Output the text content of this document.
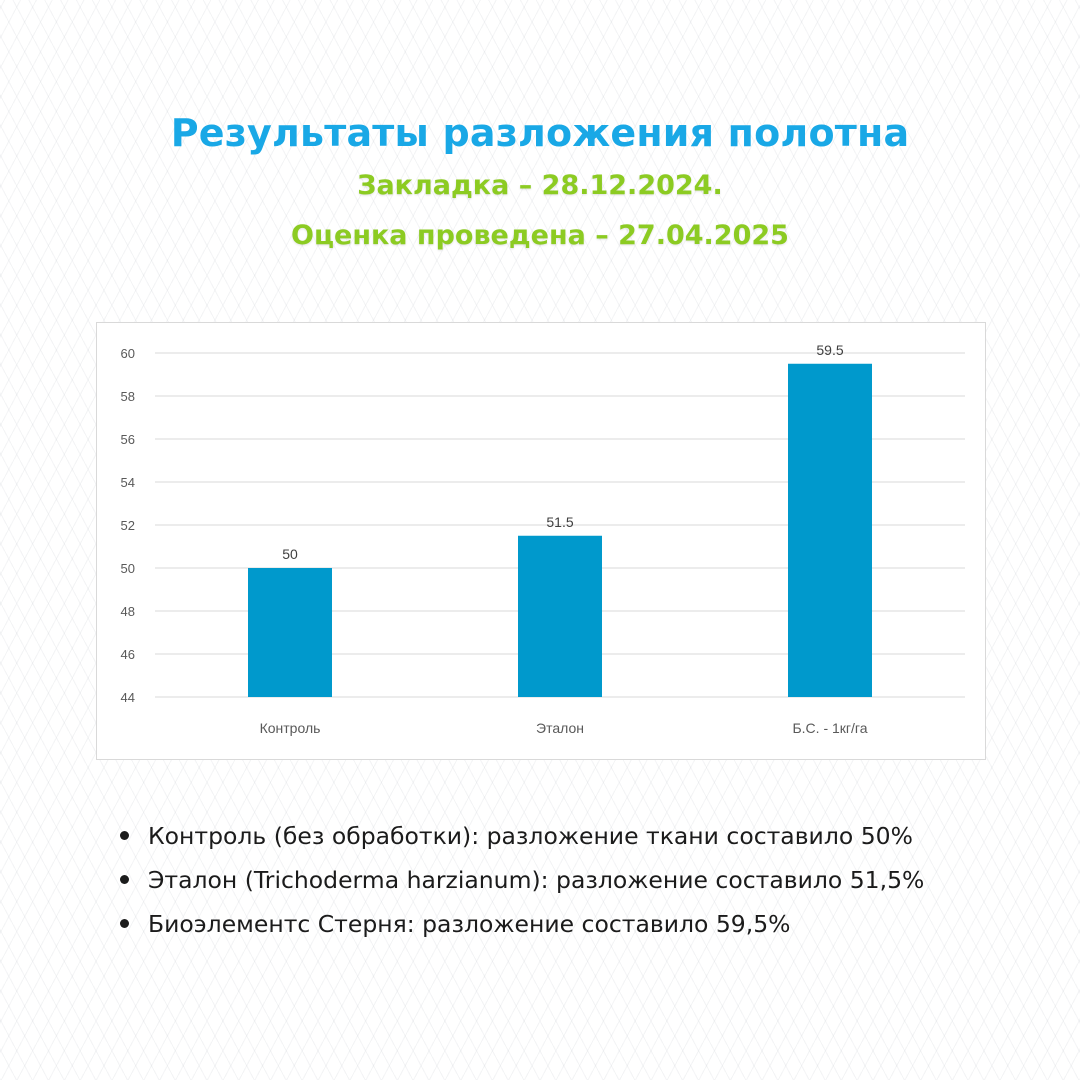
Результаты разложения полотна
Закладка – 28.12.2024.
Оценка проведена – 27.04.2025
44
46
48
50
52
54
56
58
60
50
Контроль
51.5
Эталон
59.5
Б.С. - 1кг/га
Контроль (без обработки): разложение ткани составило 50%
Эталон (Trichoderma harzianum): разложение составило 51,5%
Биоэлементс Стерня: разложение составило 59,5%
